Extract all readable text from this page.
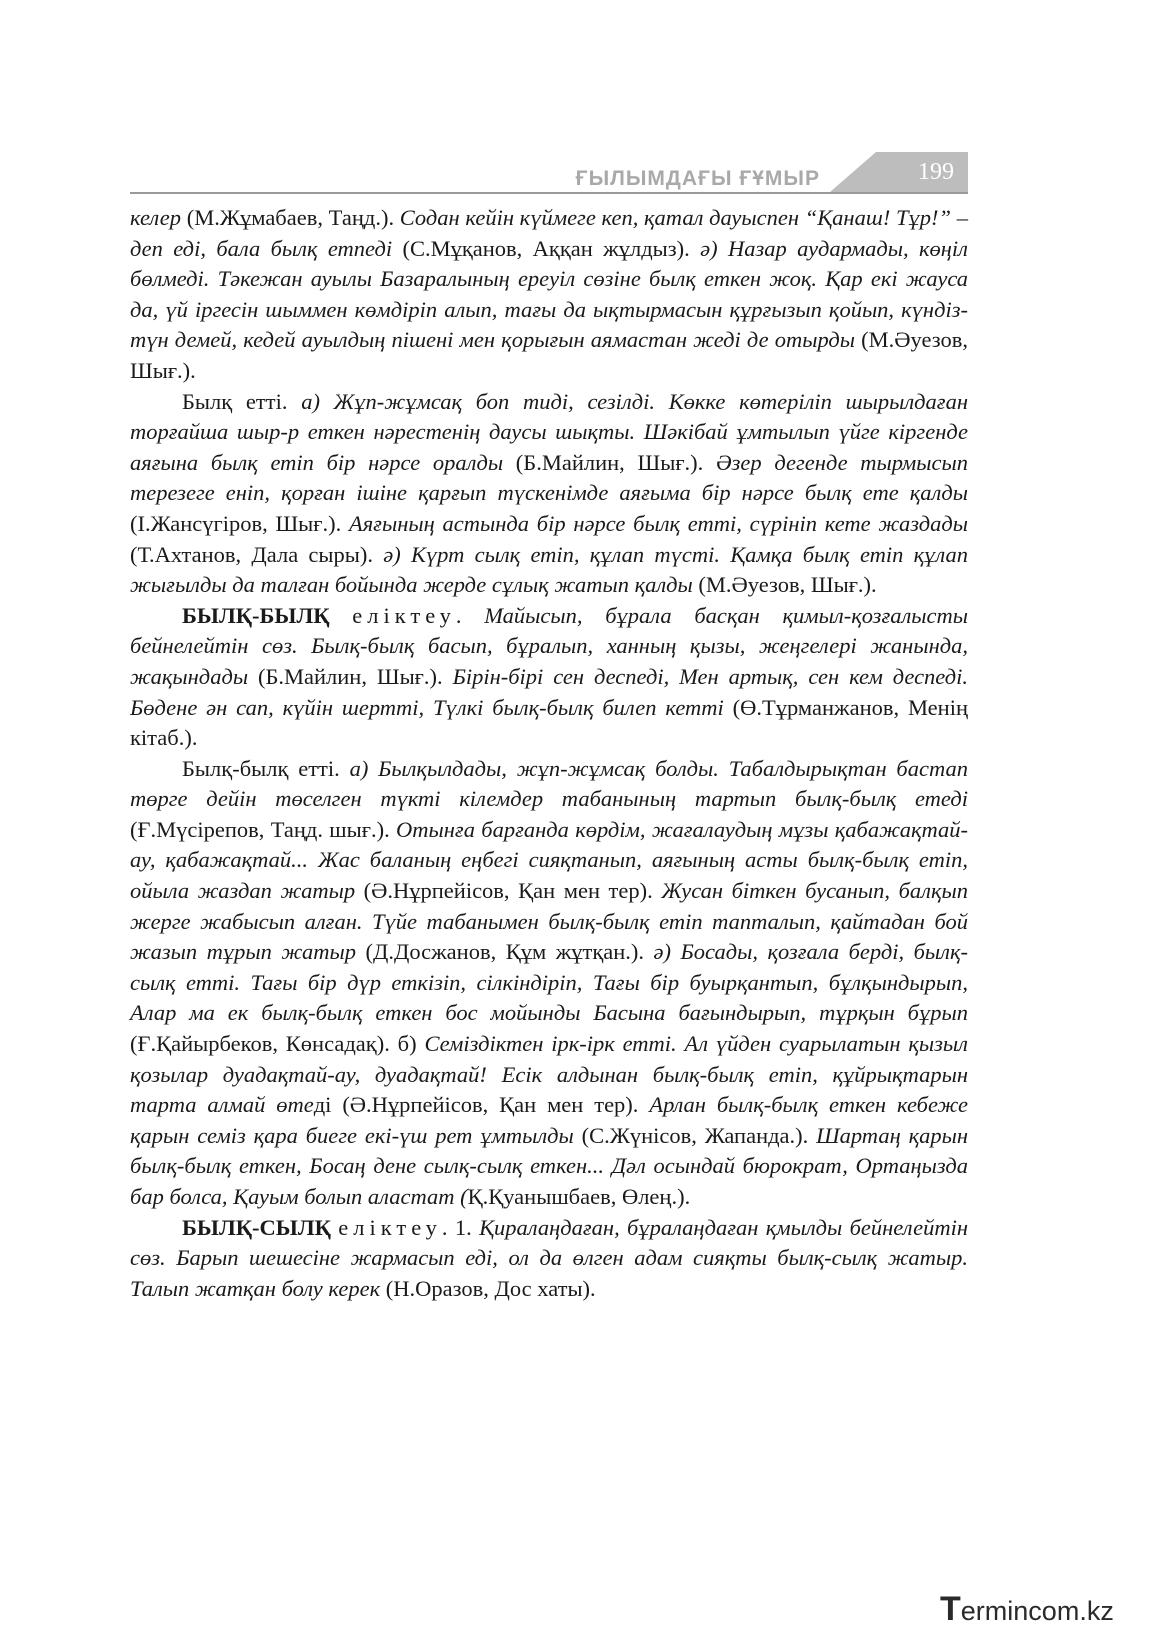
ҒЫЛЫМДАҒЫ ҒҰМЫР	199

келер (М.Жұмабаев, Таңд.). Содан кейін күймеге кеп, қатал дауыспен “Қанаш! Тұр!” – деп еді, бала былқ етпеді (С.Мұқанов, Аққан жұлдыз). ә) Назар аудармады, көңіл бөлмеді. Тәкежан ауылы Базаралының ереуіл сөзіне былқ еткен жоқ. Қар екі жауса да, үй іргесін шыммен көмдіріп алып, тағы да ықтырмасын құрғызып қойып, күндіз-түн демей, кедей ауылдың пішені мен қорығын аямастан жеді де отырды (М.Әуезов, Шығ.).

Былқ етті. а) Жұп-жұмсақ боп тиді, сезілді. Көкке көтеріліп шырылдаған торғайша шыр-р еткен нәрестенің даусы шықты. Шәкібай ұмтылып үйге кіргенде аяғына былқ етіп бір нәрсе оралды (Б.Майлин, Шығ.). Әзер дегенде тырмысып терезеге еніп, қорған ішіне қарғып түскенімде аяғыма бір нәрсе былқ ете қалды (І.Жансүгіров, Шығ.). Аяғының астында бір нәрсе былқ етті, сүрініп кете жаздады (Т.Ахтанов, Дала сыры). ә) Күрт сылқ етіп, құлап түсті. Қамқа былқ етіп құлап жығылды да талған бойында жерде сұлық жатып қалды (М.Әуезов, Шығ.).

БЫЛҚ-БЫЛҚ еліктеу. Майысып, бұрала басқан қимыл-қозғалысты бейнелейтін сөз. Былқ-былқ басып, бұралып, ханның қызы, жеңгелері жанында, жақындады (Б.Майлин, Шығ.). Бірін-бірі сен деспеді, Мен артық, сен кем деспеді. Бөдене ән сап, күйін шертті, Түлкі былқ-былқ билеп кетті (Ө.Тұрманжанов, Менің кітаб.).

Былқ-былқ етті. а) Былқылдады, жұп-жұмсақ болды. Табалдырықтан бастап төрге дейін төселген түкті кілемдер табанының тартып былқ-былқ етеді (Ғ.Мүсірепов, Таңд. шығ.). Отынға барғанда көрдім, жағалаудың мұзы қабажақтай-ау, қабажақтай... Жас баланың еңбегі сияқтанып, аяғының асты былқ-былқ етіп, ойыла жаздап жатыр (Ә.Нұрпейісов, Қан мен тер). Жусан біткен бусанып, балқып жерге жабысып алған. Түйе табанымен былқ-былқ етіп тапталып, қайтадан бой жазып тұрып жатыр (Д.Досжанов, Құм жұтқан.). ә) Босады, қозғала берді, былқ-сылқ етті. Тағы бір дүр еткізіп, сілкіндіріп, Тағы бір буырқантып, бұлқындырып, Алар ма ек былқ-былқ еткен бос мойынды Басына бағындырып, тұрқын бұрып (Ғ.Қайырбеков, Көнсадақ). б) Семіздіктен ірк-ірк етті. Ал үйден суарылатын қызыл қозылар дуадақтай-ау, дуадақтай! Есік алдынан былқ-былқ етіп, құйрықтарын тарта алмай өтеді (Ә.Нұрпейісов, Қан мен тер). Арлан былқ-былқ еткен кебеже қарын семіз қара биеге екі-үш рет ұмтылды (С.Жүнісов, Жапанда.). Шартаң қарын былқ-былқ еткен, Босаң дене сылқ-сылқ еткен... Дәл осындай бюрократ, Ортаңызда бар болса, Қауым болып аластат (Қ.Қуанышбаев, Өлең.).

БЫЛҚ-СЫЛҚ еліктеу. 1. Қиралаңдаған, бұралаңдаған қмылды бейнелейтін сөз. Барып шешесіне жармасып еді, ол да өлген адам сияқты былқ-сылқ жатыр. Талып жатқан болу керек (Н.Оразов, Дос хаты).

Termincom.kz
